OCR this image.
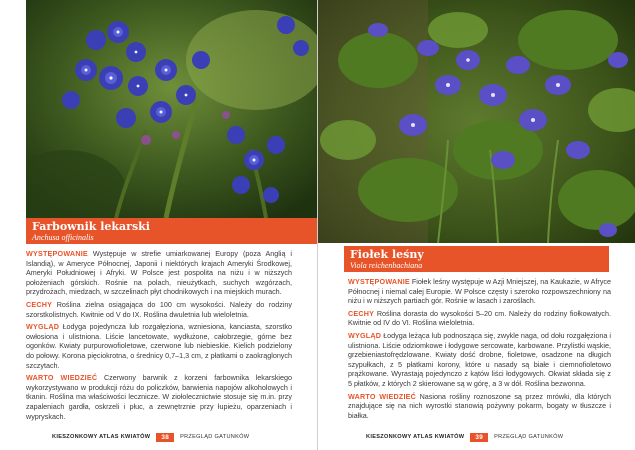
Farbownik lekarski
Anchusa officinalis

WYSTĘPOWANIE Występuje w strefie umiarkowanej Europy (poza Anglią i Islandią), w Ameryce Północnej, Japonii i niektórych krajach Ameryki Środkowej, Ameryki Południowej i Afryki. W Polsce jest pospolita na niżu i w niższych położeniach górskich. Rośnie na polach, nieużytkach, suchych wzgórzach, przydrożach, miedzach, w szczelinach płyt chodnikowych i na miejskich murach.

CECHY Roślina zielna osiągająca do 100 cm wysokości. Należy do rodziny szorstkolistnych. Kwitnie od V do IX. Roślina dwuletnia lub wieloletnia.

WYGLĄD Łodyga pojedyncza lub rozgałęziona, wzniesiona, kanciasta, szorstko owłosiona i ulistniona. Liście lancetowate, wydłużone, całobrzegie, górne bez ogonków. Kwiaty purpurowofioletowe, czerwone lub niebieskie. Kielich podzielony do połowy. Korona pięciokrotna, o średnicy 0,7–1,3 cm, z płatkami o zaokrąglonych szczytach.

WARTO WIEDZIEĆ Czerwony barwnik z korzeni farbownika lekarskiego wykorzystywano w produkcji różu do policzków, barwienia napojów alkoholowych i tkanin. Roślina ma właściwości lecznicze. W ziołolecznictwie stosuje się m.in. przy zapaleniach gardła, oskrzeli i płuc, a zewnętrznie przy łupieżu, oparzeniach i wypryskach.

KIESZONKOWY ATLAS KWIATÓW	38	PRZEGLĄD GATUNKÓW
Fiołek leśny
Viola reichenbachiana

WYSTĘPOWANIE Fiołek leśny występuje w Azji Mniejszej, na Kaukazie, w Afryce Północnej i niemal całej Europie. W Polsce częsty i szeroko rozpowszechniony na niżu i w niższych partiach gór. Rośnie w lasach i zaroślach.

CECHY Roślina dorasta do wysokości 5–20 cm. Należy do rodziny fiołkowatych. Kwitnie od IV do VI. Roślina wieloletnia.

WYGLĄD Łodyga leżąca lub podnosząca się, zwykle naga, od dołu rozgałęziona i ulistniona. Liście odziomkowe i łodygowe sercowate, karbowane. Przylistki wąskie, grzebieniastofrędzlowane. Kwiaty dość drobne, fioletowe, osadzone na długich szypułkach, z 5 płatkami korony, które u nasady są białe i ciemnofioletowo prążkowane. Wyrastają pojedynczo z kątów liści łodygowych. Okwiat składa się z 5 płatków, z których 2 skierowane są w górę, a 3 w dół. Roślina bezwonna.

WARTO WIEDZIEĆ Nasiona rośliny roznoszone są przez mrówki, dla których znajdujące się na nich wyrostki stanowią pożywny pokarm, bogaty w tłuszcze i białka.

KIESZONKOWY ATLAS KWIATÓW	39	PRZEGLĄD GATUNKÓW
